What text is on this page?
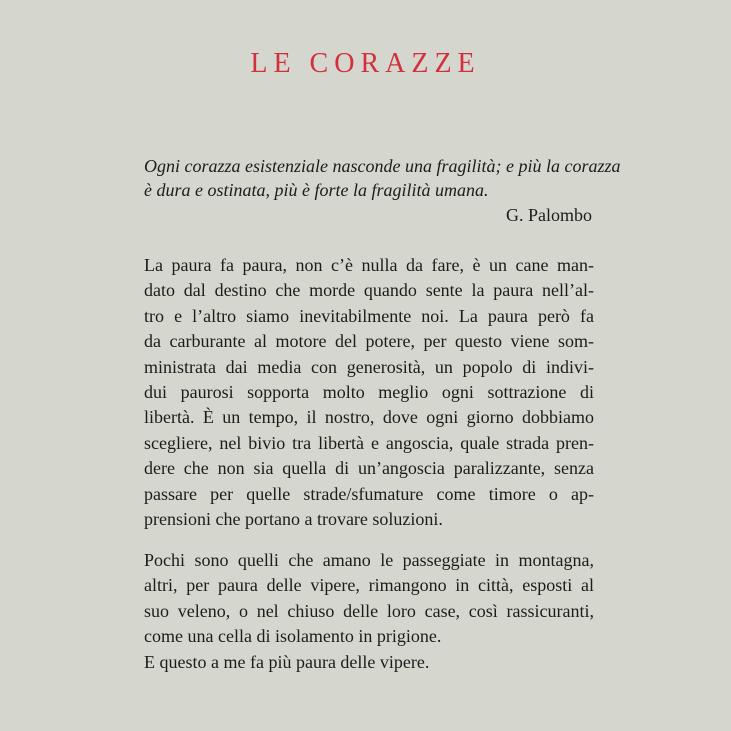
LE CORAZZE
Ogni corazza esistenziale nasconde una fragilità; e più la corazza
è dura e ostinata, più è forte la fragilità umana.
G. Palombo
La paura fa paura, non c’è nulla da fare, è un cane man-
dato dal destino che morde quando sente la paura nell’al-
tro e l’altro siamo inevitabilmente noi. La paura però fa
da carburante al motore del potere, per questo viene som-
ministrata dai media con generosità, un popolo di indivi-
dui paurosi sopporta molto meglio ogni sottrazione di
libertà. È un tempo, il nostro, dove ogni giorno dobbiamo
scegliere, nel bivio tra libertà e angoscia, quale strada pren-
dere che non sia quella di un’angoscia paralizzante, senza
passare per quelle strade/sfumature come timore o ap-
prensioni che portano a trovare soluzioni.
Pochi sono quelli che amano le passeggiate in montagna,
altri, per paura delle vipere, rimangono in città, esposti al
suo veleno, o nel chiuso delle loro case, così rassicuranti,
come una cella di isolamento in prigione.
E questo a me fa più paura delle vipere.
